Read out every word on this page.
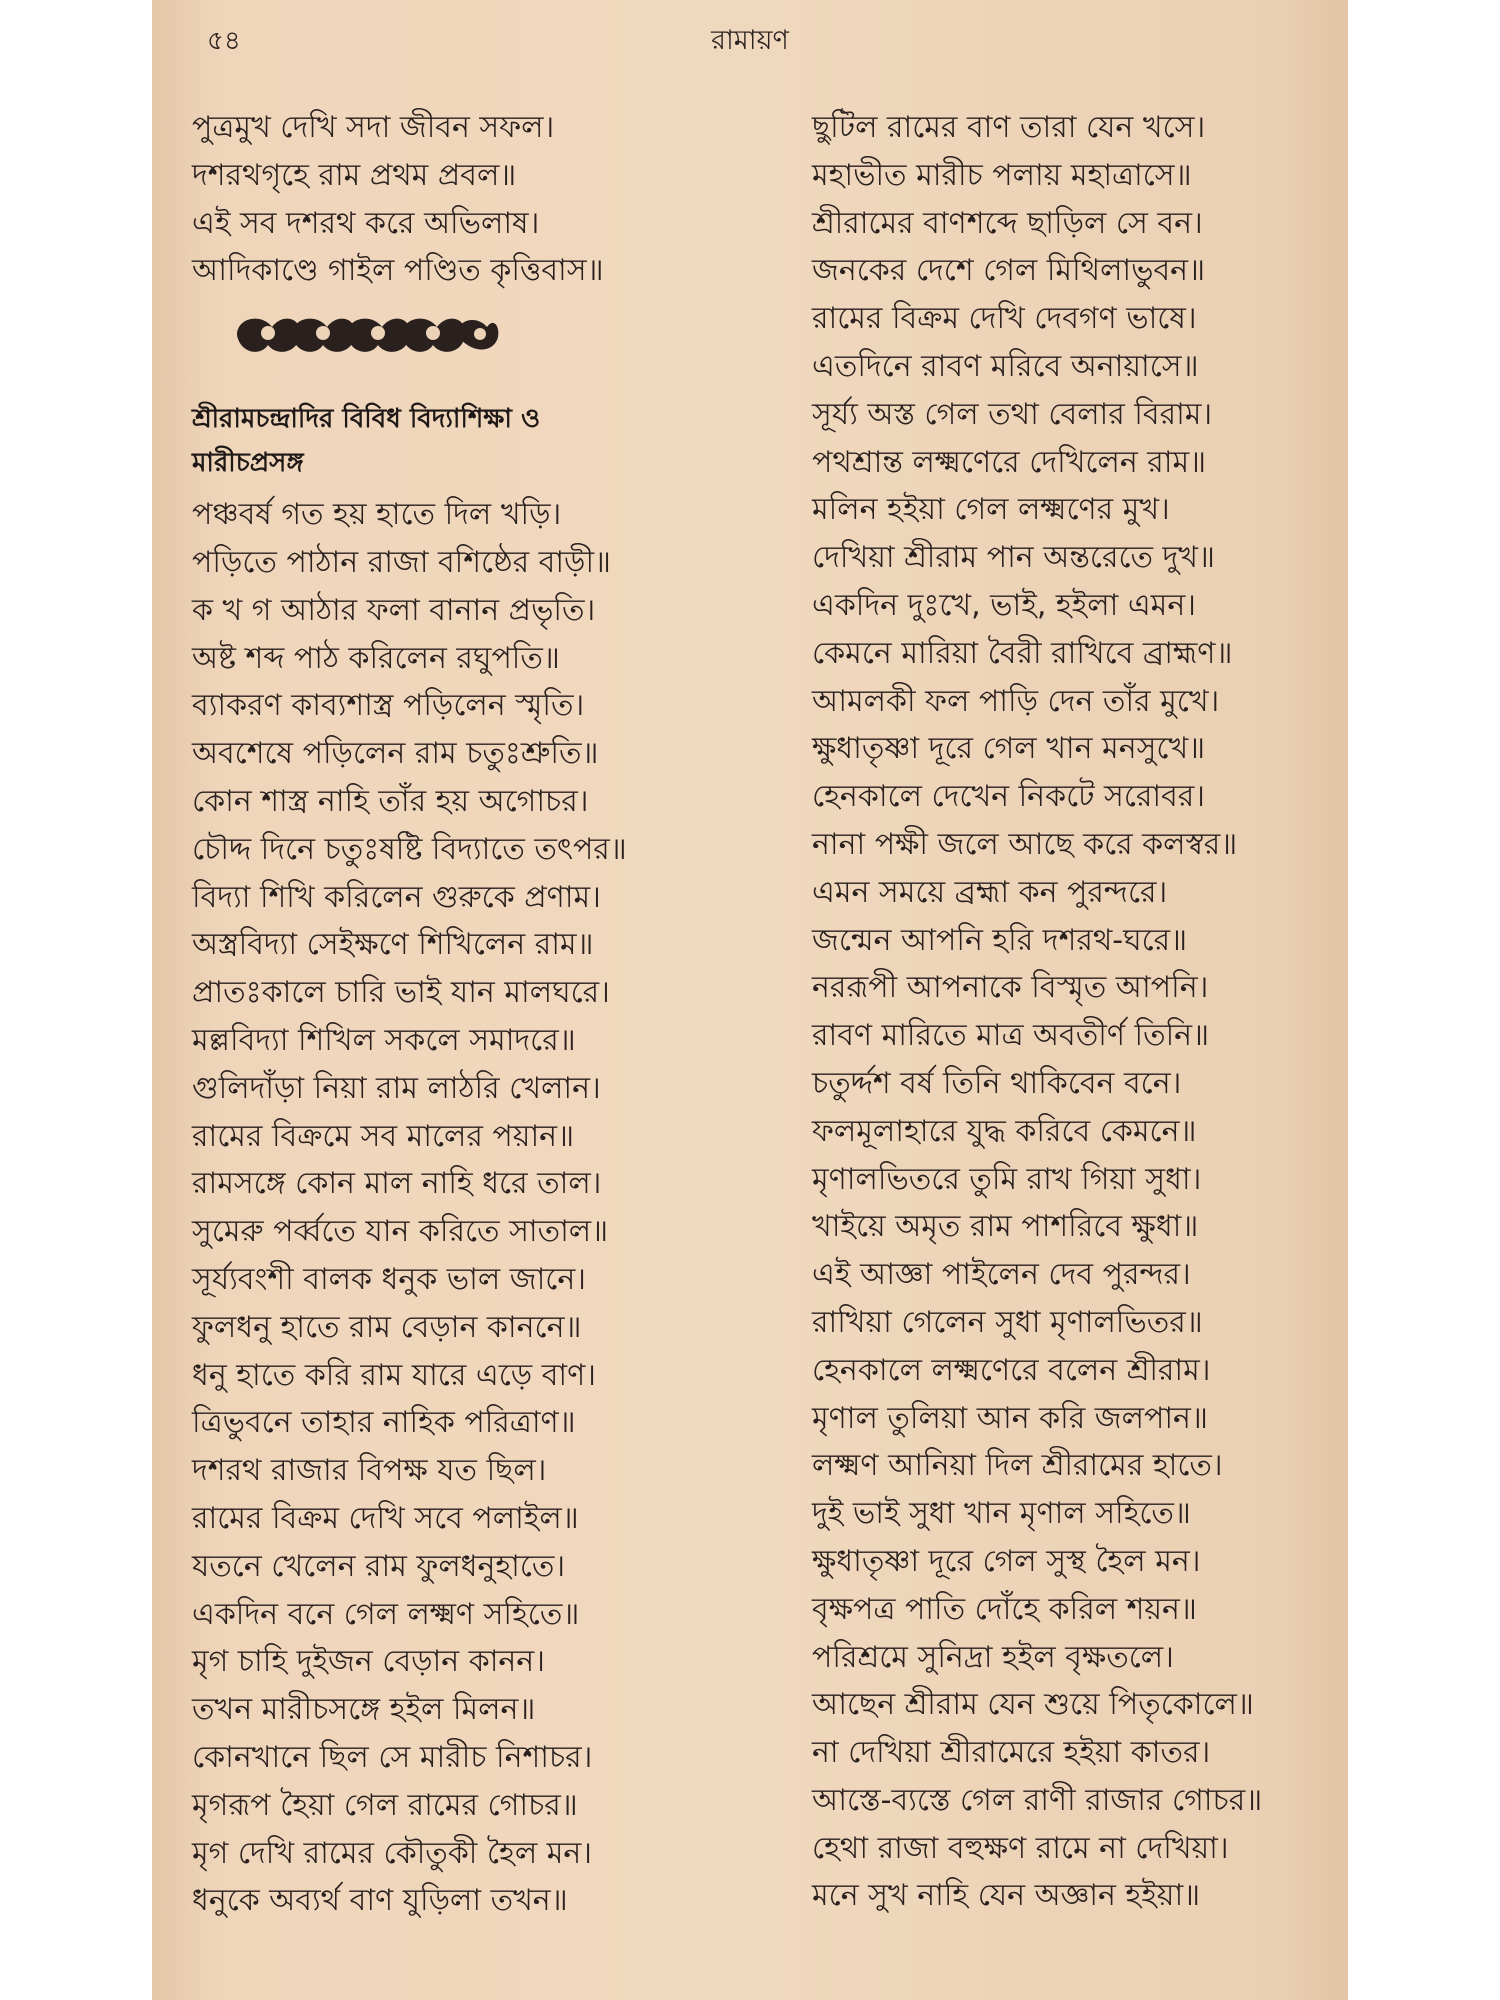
৫৪	রামায়ণ
পুত্রমুখ দেখি সদা জীবন সফল।
দশরথগৃহে রাম প্রথম প্রবল॥
এই সব দশরথ করে অভিলাষ।
আদিকাণ্ডে গাইল পণ্ডিত কৃত্তিবাস॥
শ্রীরামচন্দ্রাদির বিবিধ বিদ্যাশিক্ষা ও
মারীচপ্রসঙ্গ
পঞ্চবর্ষ গত হয় হাতে দিল খড়ি।
পড়িতে পাঠান রাজা বশিষ্ঠের বাড়ী॥
ক খ গ আঠার ফলা বানান প্রভৃতি।
অষ্ট শব্দ পাঠ করিলেন রঘুপতি॥
ব্যাকরণ কাব্যশাস্ত্র পড়িলেন স্মৃতি।
অবশেষে পড়িলেন রাম চতুঃশ্রুতি॥
কোন শাস্ত্র নাহি তাঁর হয় অগোচর।
চৌদ্দ দিনে চতুঃষষ্টি বিদ্যাতে তৎপর॥
বিদ্যা শিখি করিলেন গুরুকে প্রণাম।
অস্ত্রবিদ্যা সেইক্ষণে শিখিলেন রাম॥
প্রাতঃকালে চারি ভাই যান মালঘরে।
মল্লবিদ্যা শিখিল সকলে সমাদরে॥
গুলিদাঁড়া নিয়া রাম লাঠরি খেলান।
রামের বিক্রমে সব মালের পয়ান॥
রামসঙ্গে কোন মাল নাহি ধরে তাল।
সুমেরু পর্ব্বতে যান করিতে সাতাল॥
সূর্য্যবংশী বালক ধনুক ভাল জানে।
ফুলধনু হাতে রাম বেড়ান কাননে॥
ধনু হাতে করি রাম যারে এড়ে বাণ।
ত্রিভুবনে তাহার নাহিক পরিত্রাণ॥
দশরথ রাজার বিপক্ষ যত ছিল।
রামের বিক্রম দেখি সবে পলাইল॥
যতনে খেলেন রাম ফুলধনুহাতে।
একদিন বনে গেল লক্ষ্মণ সহিতে॥
মৃগ চাহি দুইজন বেড়ান কানন।
তখন মারীচসঙ্গে হইল মিলন॥
কোনখানে ছিল সে মারীচ নিশাচর।
মৃগরূপ হৈয়া গেল রামের গোচর॥
মৃগ দেখি রামের কৌতুকী হৈল মন।
ধনুকে অব্যর্থ বাণ যুড়িলা তখন॥
ছুটিল রামের বাণ তারা যেন খসে।
মহাভীত মারীচ পলায় মহাত্রাসে॥
শ্রীরামের বাণশব্দে ছাড়িল সে বন।
জনকের দেশে গেল মিথিলাভুবন॥
রামের বিক্রম দেখি দেবগণ ভাষে।
এতদিনে রাবণ মরিবে অনায়াসে॥
সূর্য্য অস্ত গেল তথা বেলার বিরাম।
পথশ্রান্ত লক্ষ্মণেরে দেখিলেন রাম॥
মলিন হইয়া গেল লক্ষ্মণের মুখ।
দেখিয়া শ্রীরাম পান অন্তরেতে দুখ॥
একদিন দুঃখে, ভাই, হইলা এমন।
কেমনে মারিয়া বৈরী রাখিবে ব্রাহ্মণ॥
আমলকী ফল পাড়ি দেন তাঁর মুখে।
ক্ষুধাতৃষ্ণা দূরে গেল খান মনসুখে॥
হেনকালে দেখেন নিকটে সরোবর।
নানা পক্ষী জলে আছে করে কলস্বর॥
এমন সময়ে ব্রহ্মা কন পুরন্দরে।
জন্মেন আপনি হরি দশরথ-ঘরে॥
নররূপী আপনাকে বিস্মৃত আপনি।
রাবণ মারিতে মাত্র অবতীর্ণ তিনি॥
চতুর্দ্দশ বর্ষ তিনি থাকিবেন বনে।
ফলমূলাহারে যুদ্ধ করিবে কেমনে॥
মৃণালভিতরে তুমি রাখ গিয়া সুধা।
খাইয়ে অমৃত রাম পাশরিবে ক্ষুধা॥
এই আজ্ঞা পাইলেন দেব পুরন্দর।
রাখিয়া গেলেন সুধা মৃণালভিতর॥
হেনকালে লক্ষ্মণেরে বলেন শ্রীরাম।
মৃণাল তুলিয়া আন করি জলপান॥
লক্ষ্মণ আনিয়া দিল শ্রীরামের হাতে।
দুই ভাই সুধা খান মৃণাল সহিতে॥
ক্ষুধাতৃষ্ণা দূরে গেল সুস্থ হৈল মন।
বৃক্ষপত্র পাতি দোঁহে করিল শয়ন॥
পরিশ্রমে সুনিদ্রা হইল বৃক্ষতলে।
আছেন শ্রীরাম যেন শুয়ে পিতৃকোলে॥
না দেখিয়া শ্রীরামেরে হইয়া কাতর।
আস্তে-ব্যস্তে গেল রাণী রাজার গোচর॥
হেথা রাজা বহুক্ষণ রামে না দেখিয়া।
মনে সুখ নাহি যেন অজ্ঞান হইয়া॥
